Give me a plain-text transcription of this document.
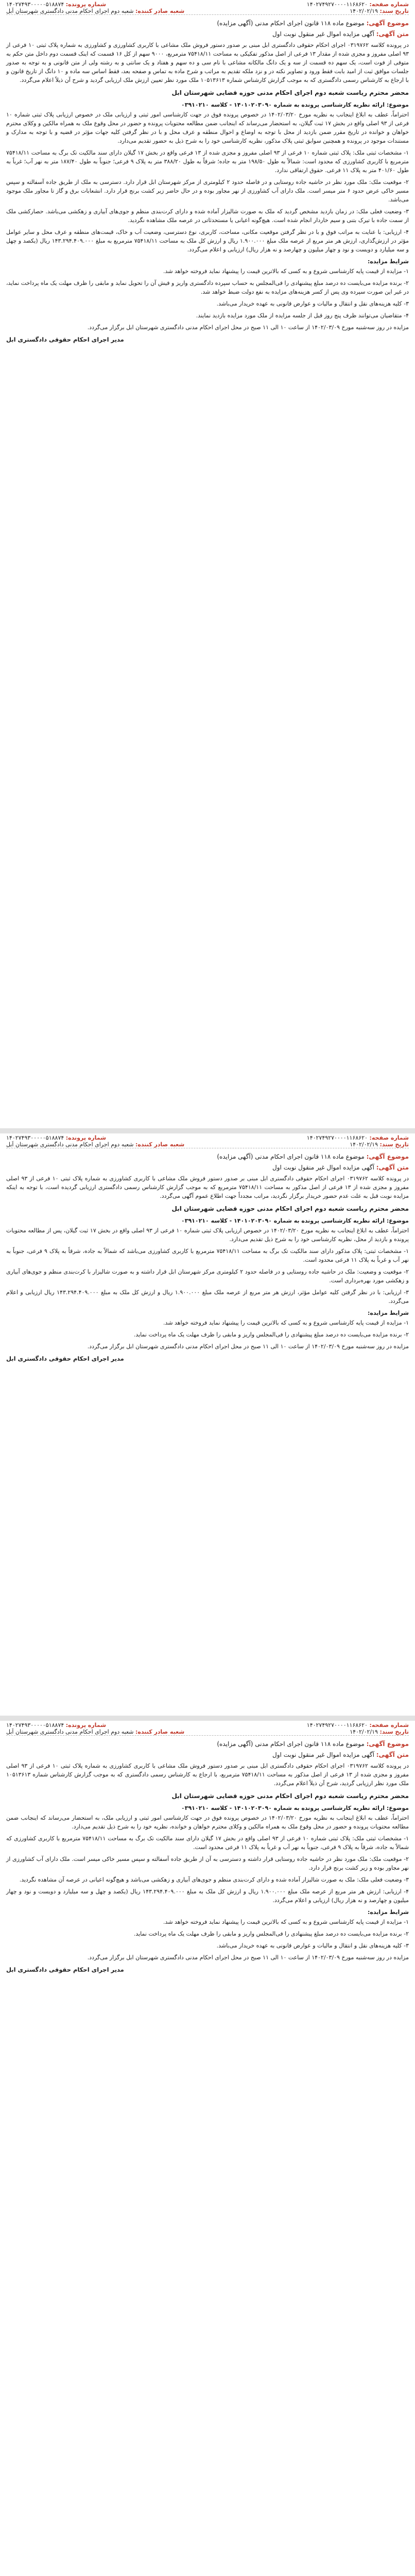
شماره صفحه: ۱۴۰۲۷۴۹۲۷۰۰۰۰۱۱۶۸۶۲۰
تاریخ سند: ۱۴۰۲/۰۲/۱۹
شماره پرونده: ۱۴۰۲۷۴۹۳۰۰۰۰۰۵۱۸۸۷۴
شعبه صادر کننده: شعبه دوم اجرای احکام مدنی دادگستری شهرستان اَبل
موضوع آگهی: موضوع ماده ۱۱۸ قانون اجرای احکام مدنی (آگهی مزایده)
متن آگهی: آگهی مزایده اموال غیر منقول نوبت اول

در پرونده کلاسه ۰۳۱۹۷۶۲ اجرای احکام حقوقی دادگستری ابل مبنی بر صدور دستور فروش ملک مشاعی با کاربری کشاورزی و کشاورزی به شماره پلاک ثبتی ۱۰ فرعی از ۹۳ اصلی مفروز و مجزی شده از مقدار ۱۳ فرعی از اصل مذکور تفکیکی به مساحت ۷۵۴۱۸/۱۱ مترمربع، ۹۰۰۰ سهم از کل ۱۶ قسمت که اینک قسمت دوم داخل متن حکم به متوفی از فوت است، یک سهم ده قسمت از سه و یک دانگ مالکانه مشاعی با نام سی و ده سهم و هفتاد و یک سانتی و به رشته ولی از متن قانونی و به توجه به صدور جلسات موافق ثبت از امید بابت فقط ورود و تصاویر نکته در و نزد ملکه تقدیم به مراتب و شرح ماده به تماس و صفحه بعد، فقط اساس سه ماده و ۱۰ دانگ از تاریخ قانون و با ارجاع به کارشناس رسمی دادگستری که به موجب گزارش کارشناس شماره ۱۰۵۱۳۶۱۳ ملک مورد نظر تعیین ارزش ملک ارزیابی گردید و شرح آن ذیلاً اعلام می‌گردد.

محضر محترم ریاست شعبه دوم اجرای احکام مدنی حوزه قضایی شهرستان ابل
موضوع: ارائه نظریه کارشناسی پرونده به شماره ۱۴۰۱۰۲۰۳۰۹۰ - کلاسه ۰۳۹۱۰۲۱۰

احتراماً، عطف به ابلاغ اینجانب به نظریه مورخ ۱۴۰۲/۰۳/۲۰ در خصوص پرونده فوق در جهت کارشناسی امور ثبتی و ارزیابی ملک در خصوص ارزیابی پلاک ثبتی شماره ۱۰ فرعی از ۹۳ اصلی واقع در بخش ۱۷ ثبت گیلان، به استحضار می‌رساند که اینجانب ضمن مطالعه محتویات پرونده و حضور در محل وقوع ملک به همراه مالکین و وکلای محترم خواهان و خوانده در تاریخ مقرر ضمن بازدید از محل با توجه به اوضاع و احوال منطقه و عرف محل و با در نظر گرفتن کلیه جهات مؤثر در قضیه و با توجه به مدارک و مستندات موجود در پرونده و همچنین سوابق ثبتی پلاک مذکور، نظریه کارشناسی خود را به شرح ذیل به حضور تقدیم می‌دارد.

۱- مشخصات ثبتی ملک: پلاک ثبتی شماره ۱۰ فرعی از ۹۳ اصلی مفروز و مجزی شده از ۱۳ فرعی واقع در بخش ۱۷ گیلان دارای سند مالکیت تک برگ به مساحت ۷۵۴۱۸/۱۱ مترمربع با کاربری کشاورزی که محدود است: شمالاً به طول ۱۹۸/۵۰ متر به جاده؛ شرقاً به طول ۳۸۸/۲۰ متر به پلاک ۹ فرعی؛ جنوباً به طول ۱۸۷/۴۰ متر به نهر آب؛ غرباً به طول ۴۰۱/۶۰ متر به پلاک ۱۱ فرعی. حقوق ارتفاقی ندارد.

۲- موقعیت ملک: ملک مورد نظر در حاشیه جاده روستایی و در فاصله حدود ۲ کیلومتری از مرکز شهرستان ابل قرار دارد. دسترسی به ملک از طریق جاده آسفالته و سپس مسیر خاکی عرض حدود ۶ متر میسر است. ملک دارای آب کشاورزی از نهر مجاور بوده و در حال حاضر زیر کشت برنج قرار دارد. انشعابات برق و گاز تا مجاور ملک موجود می‌باشد.

۳- وضعیت فعلی ملک: در زمان بازدید مشخص گردید که ملک به صورت شالیزار آماده شده و دارای کرت‌بندی منظم و جوی‌های آبیاری و زهکشی می‌باشد. حصارکشی ملک از سمت جاده با تیرک بتنی و سیم خاردار انجام شده است. هیچ‌گونه اعیانی یا مستحدثاتی در عرصه ملک مشاهده نگردید.

۴- ارزیابی: با عنایت به مراتب فوق و با در نظر گرفتن موقعیت مکانی، مساحت، کاربری، نوع دسترسی، وضعیت آب و خاک، قیمت‌های منطقه و عرف محل و سایر عوامل مؤثر در ارزش‌گذاری، ارزش هر متر مربع از عرصه ملک مبلغ ۱.۹۰۰.۰۰۰ ریال و ارزش کل ملک به مساحت ۷۵۴۱۸/۱۱ مترمربع به مبلغ ۱۴۳.۲۹۴.۴۰۹.۰۰۰ ریال (یکصد و چهل و سه میلیارد و دویست و نود و چهار میلیون و چهارصد و نه هزار ریال) ارزیابی و اعلام می‌گردد.

شرایط مزایده:

۱- مزایده از قیمت پایه کارشناسی شروع و به کسی که بالاترین قیمت را پیشنهاد نماید فروخته خواهد شد.

۲- برنده مزایده می‌بایست ده درصد مبلغ پیشنهادی را فی‌المجلس به حساب سپرده دادگستری واریز و فیش آن را تحویل نماید و مابقی را ظرف مهلت یک ماه پرداخت نماید، در غیر این صورت سپرده وی پس از کسر هزینه‌های مزایده به نفع دولت ضبط خواهد شد.

۳- کلیه هزینه‌های نقل و انتقال و مالیات و عوارض قانونی به عهده خریدار می‌باشد.

۴- متقاضیان می‌توانند ظرف پنج روز قبل از جلسه مزایده از ملک مورد مزایده بازدید نمایند.

مزایده در روز سه‌شنبه مورخ ۱۴۰۲/۰۳/۰۹ از ساعت ۱۰ الی ۱۱ صبح در محل اجرای احکام مدنی دادگستری شهرستان ابل برگزار می‌گردد.

مدیر اجرای احکام حقوقی دادگستری ابل
شماره صفحه: ۱۴۰۲۷۴۹۲۷۰۰۰۰۱۱۶۸۶۲۰
تاریخ سند: ۱۴۰۲/۰۲/۱۹
شماره پرونده: ۱۴۰۲۷۴۹۳۰۰۰۰۰۵۱۸۸۷۴
شعبه صادر کننده: شعبه دوم اجرای احکام مدنی دادگستری شهرستان اَبل
موضوع آگهی: موضوع ماده ۱۱۸ قانون اجرای احکام مدنی (آگهی مزایده)
متن آگهی: آگهی مزایده اموال غیر منقول نوبت اول

در پرونده کلاسه ۰۳۱۹۷۶۲ اجرای احکام حقوقی دادگستری ابل مبنی بر صدور دستور فروش ملک مشاعی با کاربری کشاورزی به شماره پلاک ثبتی ۱۰ فرعی از ۹۳ اصلی مفروز و مجزی شده از ۱۳ فرعی از اصل مذکور به مساحت ۷۵۴۱۸/۱۱ مترمربع که به موجب گزارش کارشناس رسمی دادگستری ارزیابی گردیده است، با توجه به اینکه مزایده نوبت قبل به علت عدم حضور خریدار برگزار نگردید، مراتب مجدداً جهت اطلاع عموم آگهی می‌گردد.

محضر محترم ریاست شعبه دوم اجرای احکام مدنی حوزه قضایی شهرستان ابل
موضوع: ارائه نظریه کارشناسی پرونده به شماره ۱۴۰۱۰۲۰۳۰۹۰ - کلاسه ۰۳۹۱۰۲۱۰

احتراماً، عطف به ابلاغ اینجانب به نظریه مورخ ۱۴۰۲/۰۳/۲۰ در خصوص ارزیابی پلاک ثبتی شماره ۱۰ فرعی از ۹۳ اصلی واقع در بخش ۱۷ ثبت گیلان، پس از مطالعه محتویات پرونده و بازدید از محل، نظریه کارشناسی خود را به شرح ذیل تقدیم می‌دارد.

۱- مشخصات ثبتی: پلاک مذکور دارای سند مالکیت تک برگ به مساحت ۷۵۴۱۸/۱۱ مترمربع با کاربری کشاورزی می‌باشد که شمالاً به جاده، شرقاً به پلاک ۹ فرعی، جنوباً به نهر آب و غرباً به پلاک ۱۱ فرعی محدود است.

۲- موقعیت و وضعیت: ملک در حاشیه جاده روستایی و در فاصله حدود ۲ کیلومتری مرکز شهرستان ابل قرار داشته و به صورت شالیزار با کرت‌بندی منظم و جوی‌های آبیاری و زهکشی مورد بهره‌برداری است.

۳- ارزیابی: با در نظر گرفتن کلیه عوامل مؤثر، ارزش هر متر مربع از عرصه ملک مبلغ ۱.۹۰۰.۰۰۰ ریال و ارزش کل ملک به مبلغ ۱۴۳.۲۹۴.۴۰۹.۰۰۰ ریال ارزیابی و اعلام می‌گردد.

شرایط مزایده:

۱- مزایده از قیمت پایه کارشناسی شروع و به کسی که بالاترین قیمت را پیشنهاد نماید فروخته خواهد شد.

۲- برنده مزایده می‌بایست ده درصد مبلغ پیشنهادی را فی‌المجلس واریز و مابقی را ظرف مهلت یک ماه پرداخت نماید.

مزایده در روز سه‌شنبه مورخ ۱۴۰۲/۰۳/۰۹ از ساعت ۱۰ الی ۱۱ صبح در محل اجرای احکام مدنی دادگستری شهرستان ابل برگزار می‌گردد.

مدیر اجرای احکام حقوقی دادگستری ابل
شماره صفحه: ۱۴۰۲۷۴۹۲۷۰۰۰۰۱۱۶۸۶۲۰
تاریخ سند: ۱۴۰۲/۰۲/۱۹
شماره پرونده: ۱۴۰۲۷۴۹۳۰۰۰۰۰۵۱۸۸۷۴
شعبه صادر کننده: شعبه دوم اجرای احکام مدنی دادگستری شهرستان اَبل
موضوع آگهی: موضوع ماده ۱۱۸ قانون اجرای احکام مدنی (آگهی مزایده)
متن آگهی: آگهی مزایده اموال غیر منقول نوبت اول

در پرونده کلاسه ۰۳۱۹۷۶۲ اجرای احکام حقوقی دادگستری ابل مبنی بر صدور دستور فروش ملک مشاعی با کاربری کشاورزی به شماره پلاک ثبتی ۱۰ فرعی از ۹۳ اصلی مفروز و مجزی شده از ۱۳ فرعی از اصل مذکور به مساحت ۷۵۴۱۸/۱۱ مترمربع، با ارجاع به کارشناس رسمی دادگستری که به موجب گزارش کارشناس شماره ۱۰۵۱۳۶۱۳ ملک مورد نظر ارزیابی گردید، شرح آن ذیلاً اعلام می‌گردد.

محضر محترم ریاست شعبه دوم اجرای احکام مدنی حوزه قضایی شهرستان ابل
موضوع: ارائه نظریه کارشناسی پرونده به شماره ۱۴۰۱۰۲۰۳۰۹۰ - کلاسه ۰۳۹۱۰۲۱۰

احتراماً، عطف به ابلاغ اینجانب به نظریه مورخ ۱۴۰۲/۰۳/۲۰ در خصوص پرونده فوق در جهت کارشناسی امور ثبتی و ارزیابی ملک، به استحضار می‌رساند که اینجانب ضمن مطالعه محتویات پرونده و حضور در محل وقوع ملک به همراه مالکین و وکلای محترم خواهان و خوانده، نظریه خود را به شرح ذیل تقدیم می‌دارد.

۱- مشخصات ثبتی ملک: پلاک ثبتی شماره ۱۰ فرعی از ۹۳ اصلی واقع در بخش ۱۷ گیلان دارای سند مالکیت تک برگ به مساحت ۷۵۴۱۸/۱۱ مترمربع با کاربری کشاورزی که شمالاً به جاده، شرقاً به پلاک ۹ فرعی، جنوباً به نهر آب و غرباً به پلاک ۱۱ فرعی محدود است.

۲- موقعیت ملک: ملک مورد نظر در حاشیه جاده روستایی قرار داشته و دسترسی به آن از طریق جاده آسفالته و سپس مسیر خاکی میسر است. ملک دارای آب کشاورزی از نهر مجاور بوده و زیر کشت برنج قرار دارد.

۳- وضعیت فعلی ملک: ملک به صورت شالیزار آماده شده و دارای کرت‌بندی منظم و جوی‌های آبیاری و زهکشی می‌باشد و هیچ‌گونه اعیانی در عرصه آن مشاهده نگردید.

۴- ارزیابی: ارزش هر متر مربع از عرصه ملک مبلغ ۱.۹۰۰.۰۰۰ ریال و ارزش کل ملک به مبلغ ۱۴۳.۲۹۴.۴۰۹.۰۰۰ ریال (یکصد و چهل و سه میلیارد و دویست و نود و چهار میلیون و چهارصد و نه هزار ریال) ارزیابی و اعلام می‌گردد.

شرایط مزایده:

۱- مزایده از قیمت پایه کارشناسی شروع و به کسی که بالاترین قیمت را پیشنهاد نماید فروخته خواهد شد.

۲- برنده مزایده می‌بایست ده درصد مبلغ پیشنهادی را فی‌المجلس واریز و مابقی را ظرف مهلت یک ماه پرداخت نماید.

۳- کلیه هزینه‌های نقل و انتقال و مالیات و عوارض قانونی به عهده خریدار می‌باشد.

مزایده در روز سه‌شنبه مورخ ۱۴۰۲/۰۳/۰۹ از ساعت ۱۰ الی ۱۱ صبح در محل اجرای احکام مدنی دادگستری شهرستان ابل برگزار می‌گردد.

مدیر اجرای احکام حقوقی دادگستری ابل
